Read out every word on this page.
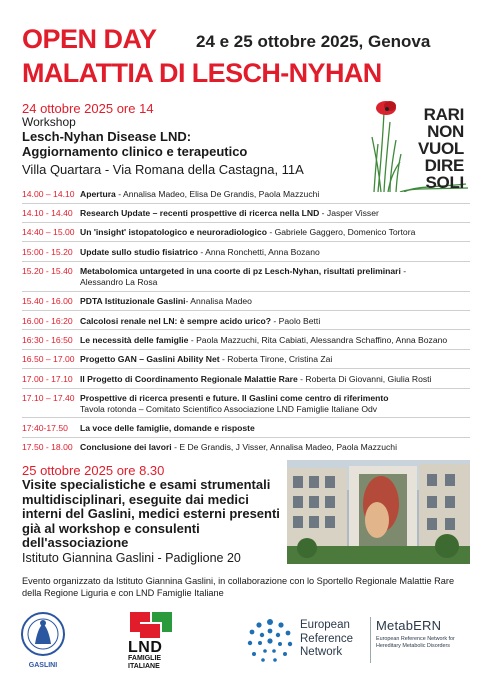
OPEN DAY 24 e 25 ottobre 2025, Genova
MALATTIA DI LESCH-NYHAN
24 ottobre 2025 ore 14
Workshop
Lesch-Nyhan Disease LND:
Aggiornamento clinico e terapeutico
Villa Quartara - Via Romana della Castagna, 11A
RARI
NON
VUOL
DIRE
SOLI
14.00 – 14.10 Apertura - Annalisa Madeo, Elisa De Grandis, Paola Mazzuchi
14.10 - 14.40 Research Update – recenti prospettive di ricerca nella LND - Jasper Visser
14:40 – 15.00 Un 'insight' istopatologico e neuroradiologico - Gabriele Gaggero, Domenico Tortora
15:00 - 15.20 Update sullo studio fisiatrico - Anna Ronchetti, Anna Bozano
15.20 - 15.40 Metabolomica untargeted in una coorte di pz Lesch-Nyhan, risultati preliminari -
Alessandro La Rosa
15.40 - 16.00 PDTA Istituzionale Gaslini- Annalisa Madeo
16.00 - 16:20 Calcolosi renale nel LN: è sempre acido urico? - Paolo Betti
16:30 - 16:50 Le necessità delle famiglie - Paola Mazzuchi, Rita Cabiati, Alessandra Schaffino, Anna Bozano
16.50 – 17.00 Progetto GAN – Gaslini Ability Net - Roberta Tirone, Cristina Zai
17.00 - 17.10 Il Progetto di Coordinamento Regionale Malattie Rare - Roberta Di Giovanni, Giulia Rosti
17.10 – 17.40 Prospettive di ricerca presenti e future. Il Gaslini come centro di riferimento
Tavola rotonda – Comitato Scientifico Associazione LND Famiglie Italiane Odv
17:40-17.50 La voce delle famiglie, domande e risposte
17.50 - 18.00 Conclusione dei lavori - E De Grandis, J Visser, Annalisa Madeo, Paola Mazzuchi
25 ottobre 2025 ore 8.30
Visite specialistiche e esami strumentali multidisciplinari, eseguite dai medici interni del Gaslini, medici esterni presenti già al workshop e consulenti dell'associazione
Istituto Giannina Gaslini - Padiglione 20
Evento organizzato da Istituto Giannina Gaslini, in collaborazione con lo Sportello Regionale Malattie Rare della Regione Liguria e con LND Famiglie Italiane
GASLINI
LND
FAMIGLIE
ITALIANE
European
Reference
Network
MetabERN
European Reference Network for Hereditary Metabolic Disorders
